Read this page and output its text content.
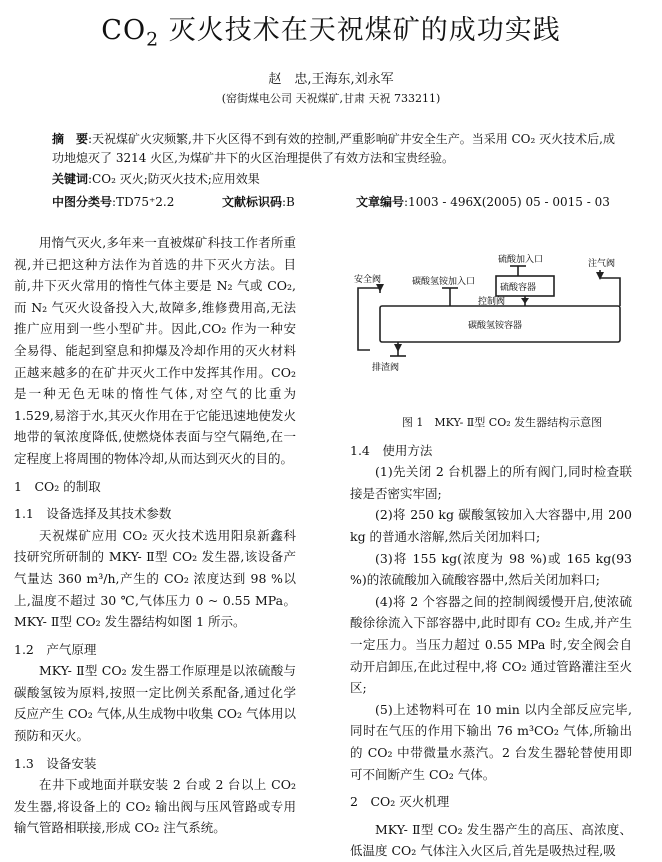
$CO_2$ 灭火技术在天祝煤矿的成功实践
赵　忠,王海东,刘永军
(窑街煤电公司 天祝煤矿,甘肃 天祝 733211)
摘　要:天祝煤矿火灾频繁,井下火区得不到有效的控制,严重影响矿井安全生产。当采用 CO₂ 灭火技术后,成功地熄灭了 3214 火区,为煤矿井下的火区治理提供了有效方法和宝贵经验。
关键词:CO₂ 灭火;防灭火技术;应用效果
中图分类号:TD75⁺2.2	文献标识码:B	文章编号:1003 - 496X(2005) 05 - 0015 - 03

用惰气灭火,多年来一直被煤矿科技工作者所重视,并已把这种方法作为首选的井下灭火方法。目前,井下灭火常用的惰性气体主要是 N₂ 气或 CO₂,而 N₂ 气灭火设备投入大,故障多,维修费用高,无法推广应用到一些小型矿井。因此,CO₂ 作为一种安全易得、能起到窒息和抑爆及冷却作用的灭火材料正越来越多的在矿井灭火工作中发挥其作用。CO₂ 是一种无色无味的惰性气体,对空气的比重为 1.529,易溶于水,其灭火作用在于它能迅速地使发火地带的氧浓度降低,使燃烧体表面与空气隔绝,在一定程度上将周围的物体冷却,从而达到灭火的目的。

1　CO₂ 的制取

1.1　设备选择及其技术参数

天祝煤矿应用 CO₂ 灭火技术选用阳泉新鑫科技研究所研制的 MKY- Ⅱ型 CO₂ 发生器,该设备产气量达 360 m³/h,产生的 CO₂ 浓度达到 98 %以上,温度不超过 30 ℃,气体压力 0 ~ 0.55 MPa。MKY- Ⅱ型 CO₂ 发生器结构如图 1 所示。

1.2　产气原理

MKY- Ⅱ型 CO₂ 发生器工作原理是以浓硫酸与碳酸氢铵为原料,按照一定比例关系配备,通过化学反应产生 CO₂ 气体,从生成物中收集 CO₂ 气体用以预防和灭火。

1.3　设备安装

在井下或地面并联安装 2 台或 2 台以上 CO₂ 发生器,将设备上的 CO₂ 输出阀与压风管路或专用输气管路相联接,形成 CO₂ 注气系统。

硫酸加入口
安全阀	碳酸氢铵加入口
硫酸容器
注气阀
控制阀
碳酸氢铵容器
排渣阀

图 1　MKY- Ⅱ型 CO₂ 发生器结构示意图

1.4　使用方法

(1)先关闭 2 台机器上的所有阀门,同时检查联接是否密实牢固;

(2)将 250 kg 碳酸氢铵加入大容器中,用 200 kg 的普通水溶解,然后关闭加料口;

(3)将 155 kg(浓度为 98 %)或 165 kg(93 %)的浓硫酸加入硫酸容器中,然后关闭加料口;

(4)将 2 个容器之间的控制阀缓慢开启,使浓硫酸徐徐流入下部容器中,此时即有 CO₂ 生成,并产生一定压力。当压力超过 0.55 MPa 时,安全阀会自动开启卸压,在此过程中,将 CO₂ 通过管路灌注至火区;

(5)上述物料可在 10 min 以内全部反应完毕,同时在气压的作用下输出 76 m³CO₂ 气体,所输出的 CO₂ 中带微量水蒸汽。2 台发生器轮替使用即可不间断产生 CO₂ 气体。

2　CO₂ 灭火机理

MKY- Ⅱ型 CO₂ 发生器产生的高压、高浓度、低温度 CO₂ 气体注入火区后,首先是吸热过程,吸
